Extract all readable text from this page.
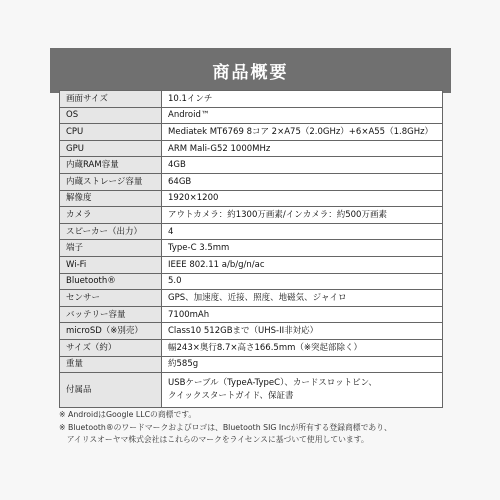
商品概要
画面サイズ	10.1インチ
OS	Android™
CPU	Mediatek MT6769 8コア 2×A75（2.0GHz）+6×A55（1.8GHz）
GPU	ARM Mali-G52 1000MHz
内蔵RAM容量	4GB
内蔵ストレージ容量	64GB
解像度	1920×1200
カメラ	アウトカメラ：約1300万画素/インカメラ：約500万画素
スピーカー（出力）	4
端子	Type-C 3.5mm
Wi-Fi	IEEE 802.11 a/b/g/n/ac
Bluetooth®	5.0
センサー	GPS、加速度、近接、照度、地磁気、ジャイロ
バッテリー容量	7100mAh
microSD（※別売）	Class10 512GBまで（UHS-II非対応）
サイズ（約）	幅243×奥行8.7×高さ166.5mm（※突起部除く）
重量	約585g
付属品	USBケーブル（TypeA-TypeC）、カードスロットピン、
クイックスタートガイド、保証書
※ AndroidはGoogle LLCの商標です。
※ Bluetooth®のワードマークおよびロゴは、Bluetooth SIG Incが所有する登録商標であり、
　アイリスオーヤマ株式会社はこれらのマークをライセンスに基づいて使用しています。
